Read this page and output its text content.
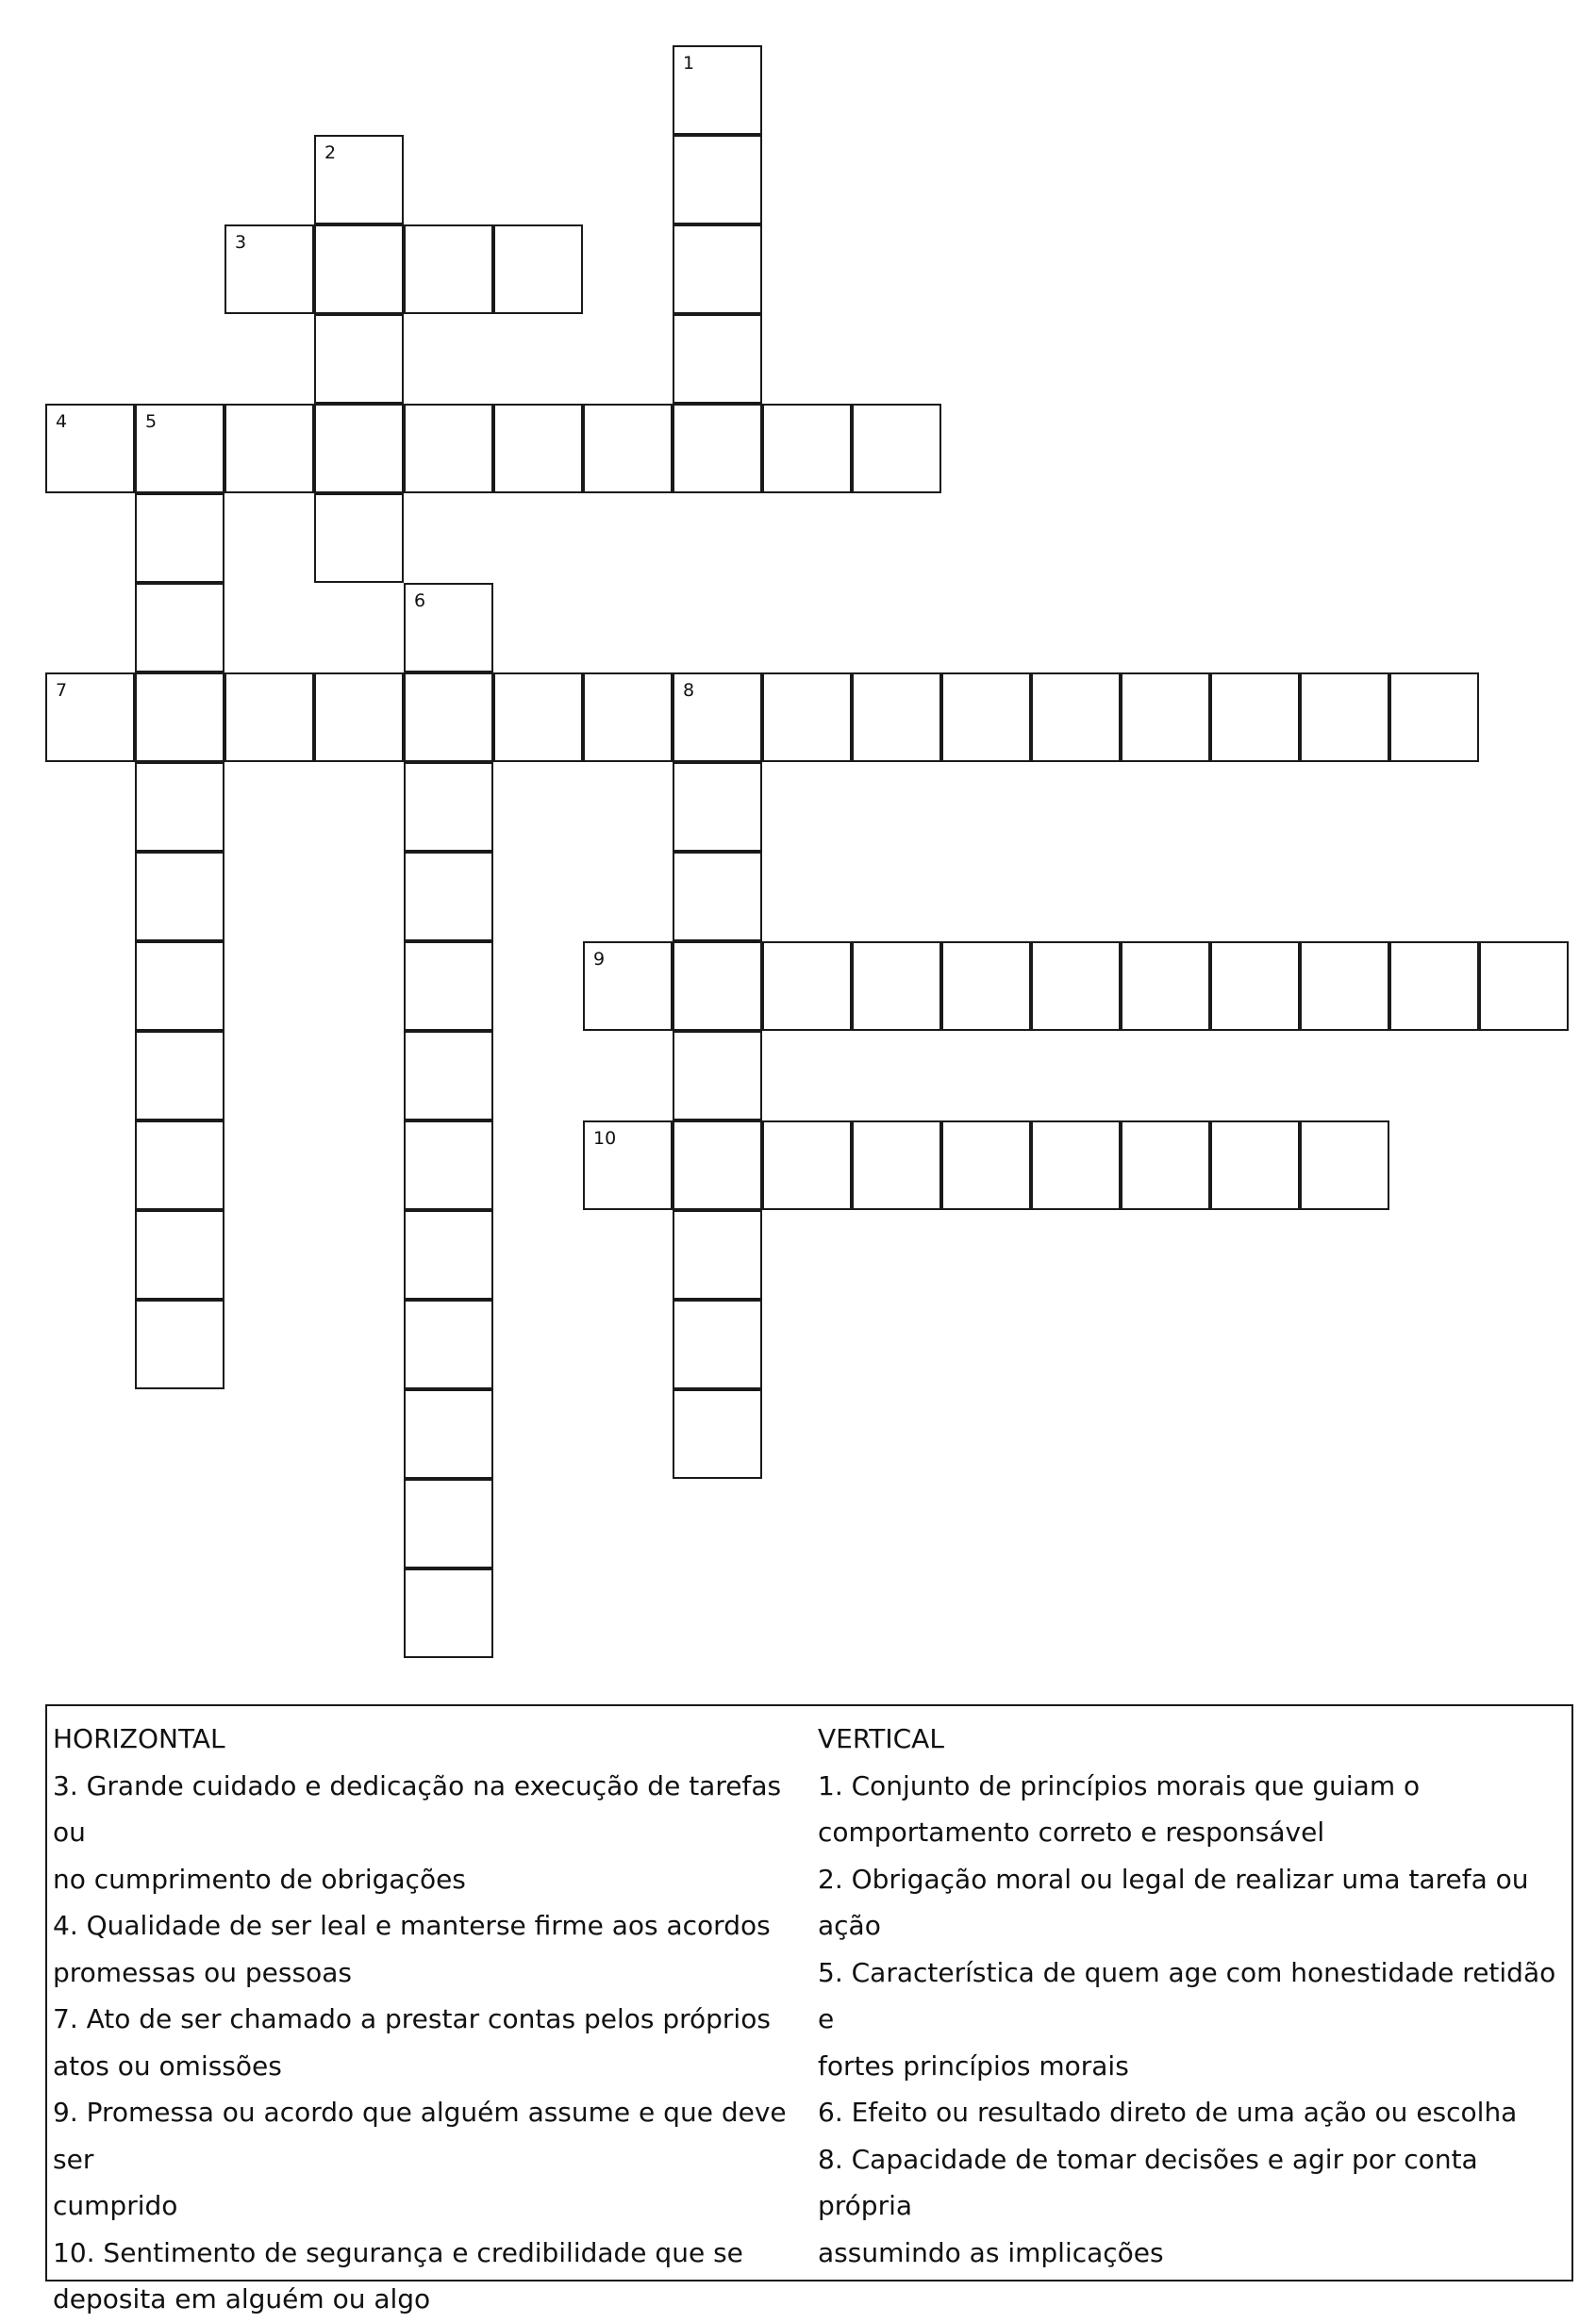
1
2
3
4	5
6
7	8
9
10

HORIZONTAL

3. Grande cuidado e dedicação na execução de tarefas ou

no cumprimento de obrigações

4. Qualidade de ser leal e manterse firme aos acordos

promessas ou pessoas

7. Ato de ser chamado a prestar contas pelos próprios

atos ou omissões

9. Promessa ou acordo que alguém assume e que deve ser

cumprido

10. Sentimento de segurança e credibilidade que se

deposita em alguém ou algo

VERTICAL

1. Conjunto de princípios morais que guiam o

comportamento correto e responsável

2. Obrigação moral ou legal de realizar uma tarefa ou

ação

5. Característica de quem age com honestidade retidão e

fortes princípios morais

6. Efeito ou resultado direto de uma ação ou escolha

8. Capacidade de tomar decisões e agir por conta própria

assumindo as implicações
